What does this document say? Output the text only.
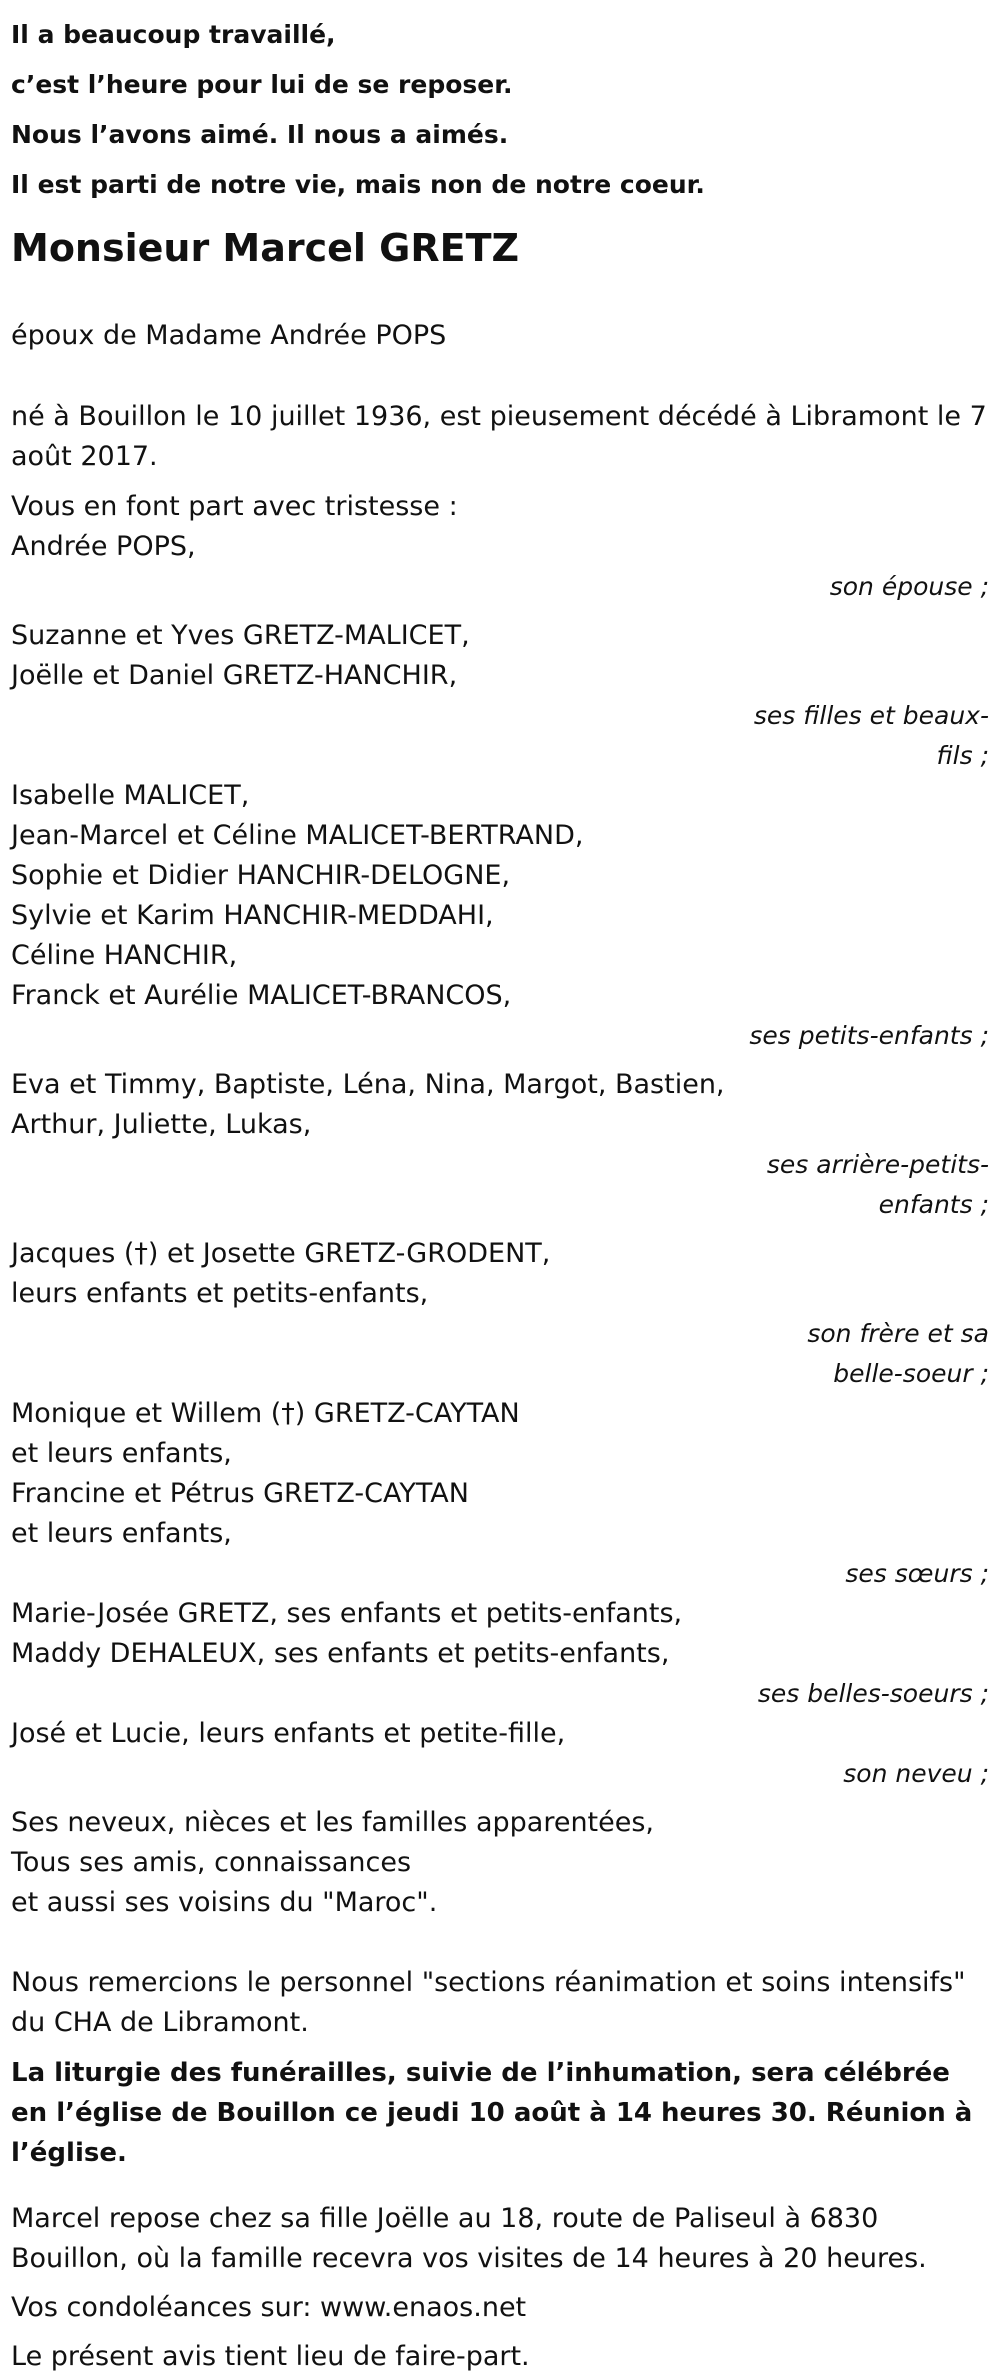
Il a beaucoup travaillé,
c’est l’heure pour lui de se reposer.
Nous l’avons aimé. Il nous a aimés.
Il est parti de notre vie, mais non de notre coeur.
Monsieur Marcel GRETZ

époux de Madame Andrée POPS

né à Bouillon le 10 juillet 1936, est pieusement décédé à Libramont le 7 août 2017.

Vous en font part avec tristesse :

Andrée POPS,
son épouse ;
Suzanne et Yves GRETZ-MALICET,
Joëlle et Daniel GRETZ-HANCHIR,
ses filles et beaux-fils ;
Isabelle MALICET,
Jean-Marcel et Céline MALICET-BERTRAND,
Sophie et Didier HANCHIR-DELOGNE,
Sylvie et Karim HANCHIR-MEDDAHI,
Céline HANCHIR,
Franck et Aurélie MALICET-BRANCOS,
ses petits-enfants ;
Eva et Timmy, Baptiste, Léna, Nina, Margot, Bastien,
Arthur, Juliette, Lukas,
ses arrière-petits-enfants ;
Jacques (†) et Josette GRETZ-GRODENT,
leurs enfants et petits-enfants,
son frère et sa belle-soeur ;
Monique et Willem (†) GRETZ-CAYTAN
et leurs enfants,
Francine et Pétrus GRETZ-CAYTAN
et leurs enfants,
ses sœurs ;
Marie-Josée GRETZ, ses enfants et petits-enfants,
Maddy DEHALEUX, ses enfants et petits-enfants,
ses belles-soeurs ;
José et Lucie, leurs enfants et petite-fille,
son neveu ;
Ses neveux, nièces et les familles apparentées,
Tous ses amis, connaissances
et aussi ses voisins du "Maroc".

Nous remercions le personnel "sections réanimation et soins intensifs" du CHA de Libramont.

La liturgie des funérailles, suivie de l’inhumation, sera célébrée en l’église de Bouillon ce jeudi 10 août à 14 heures 30. Réunion à l’église.

Marcel repose chez sa fille Joëlle au 18, route de Paliseul à 6830 Bouillon, où la famille recevra vos visites de 14 heures à 20 heures.

Vos condoléances sur: www.enaos.net

Le présent avis tient lieu de faire-part.
